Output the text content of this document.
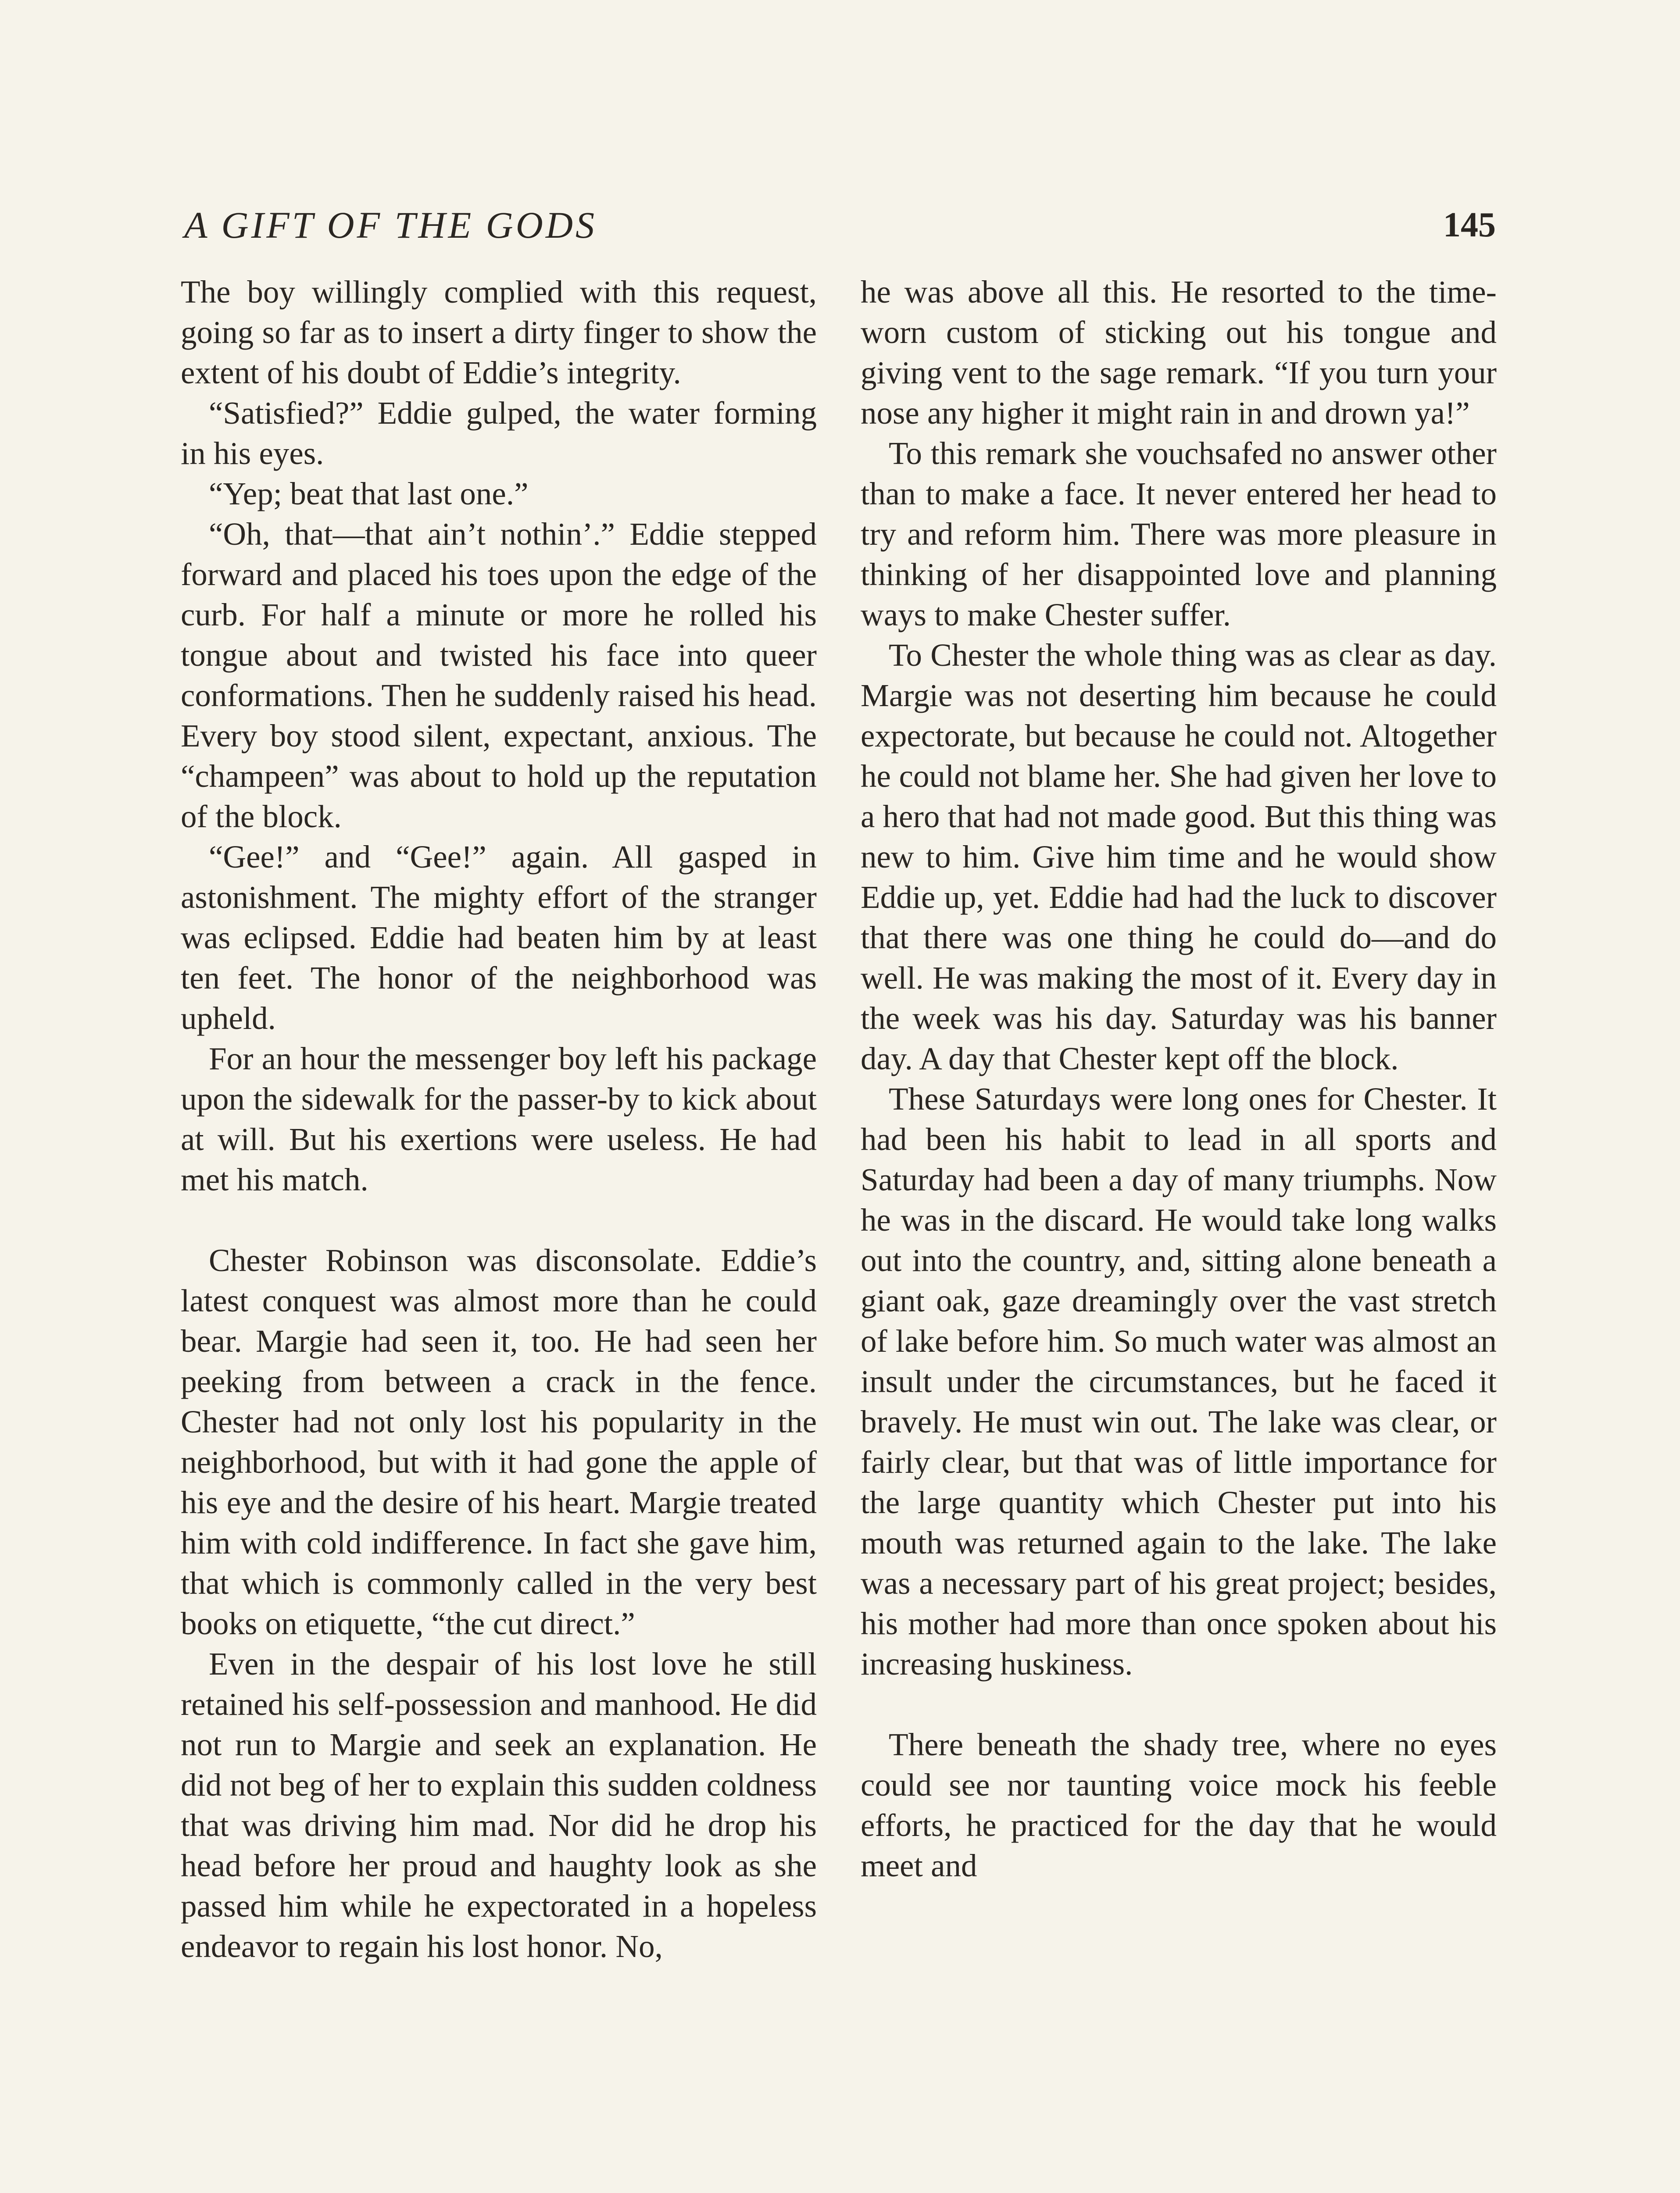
A GIFT OF THE GODS	145

The boy willingly complied with this request, going so far as to insert a dirty finger to show the extent of his doubt of Eddie’s integrity.

“Satisfied?” Eddie gulped, the water forming in his eyes.

“Yep; beat that last one.”

“Oh, that—that ain’t nothin’.” Eddie stepped forward and placed his toes upon the edge of the curb. For half a minute or more he rolled his tongue about and twisted his face into queer conformations. Then he suddenly raised his head. Every boy stood silent, expectant, anxious. The “champeen” was about to hold up the reputation of the block.

“Gee!” and “Gee!” again. All gasped in astonishment. The mighty effort of the stranger was eclipsed. Eddie had beaten him by at least ten feet. The honor of the neighborhood was upheld.

For an hour the messenger boy left his package upon the sidewalk for the passer-by to kick about at will. But his exertions were useless. He had met his match.

Chester Robinson was disconsolate. Eddie’s latest conquest was almost more than he could bear. Margie had seen it, too. He had seen her peeking from between a crack in the fence. Chester had not only lost his popularity in the neighborhood, but with it had gone the apple of his eye and the desire of his heart. Margie treated him with cold indifference. In fact she gave him, that which is commonly called in the very best books on etiquette, “the cut direct.”

Even in the despair of his lost love he still retained his self-possession and manhood. He did not run to Margie and seek an explanation. He did not beg of her to explain this sudden coldness that was driving him mad. Nor did he drop his head before her proud and haughty look as she passed him while he expectorated in a hopeless endeavor to regain his lost honor. No,

he was above all this. He resorted to the time-worn custom of sticking out his tongue and giving vent to the sage remark. “If you turn your nose any higher it might rain in and drown ya!”

To this remark she vouchsafed no answer other than to make a face. It never entered her head to try and reform him. There was more pleasure in thinking of her disappointed love and planning ways to make Chester suffer.

To Chester the whole thing was as clear as day. Margie was not deserting him because he could expectorate, but because he could not. Altogether he could not blame her. She had given her love to a hero that had not made good. But this thing was new to him. Give him time and he would show Eddie up, yet. Eddie had had the luck to discover that there was one thing he could do—and do well. He was making the most of it. Every day in the week was his day. Saturday was his banner day. A day that Chester kept off the block.

These Saturdays were long ones for Chester. It had been his habit to lead in all sports and Saturday had been a day of many triumphs. Now he was in the discard. He would take long walks out into the country, and, sitting alone beneath a giant oak, gaze dreamingly over the vast stretch of lake before him. So much water was almost an insult under the circumstances, but he faced it bravely. He must win out. The lake was clear, or fairly clear, but that was of little importance for the large quantity which Chester put into his mouth was returned again to the lake. The lake was a necessary part of his great project; besides, his mother had more than once spoken about his increasing huskiness.

There beneath the shady tree, where no eyes could see nor taunting voice mock his feeble efforts, he practiced for the day that he would meet and
